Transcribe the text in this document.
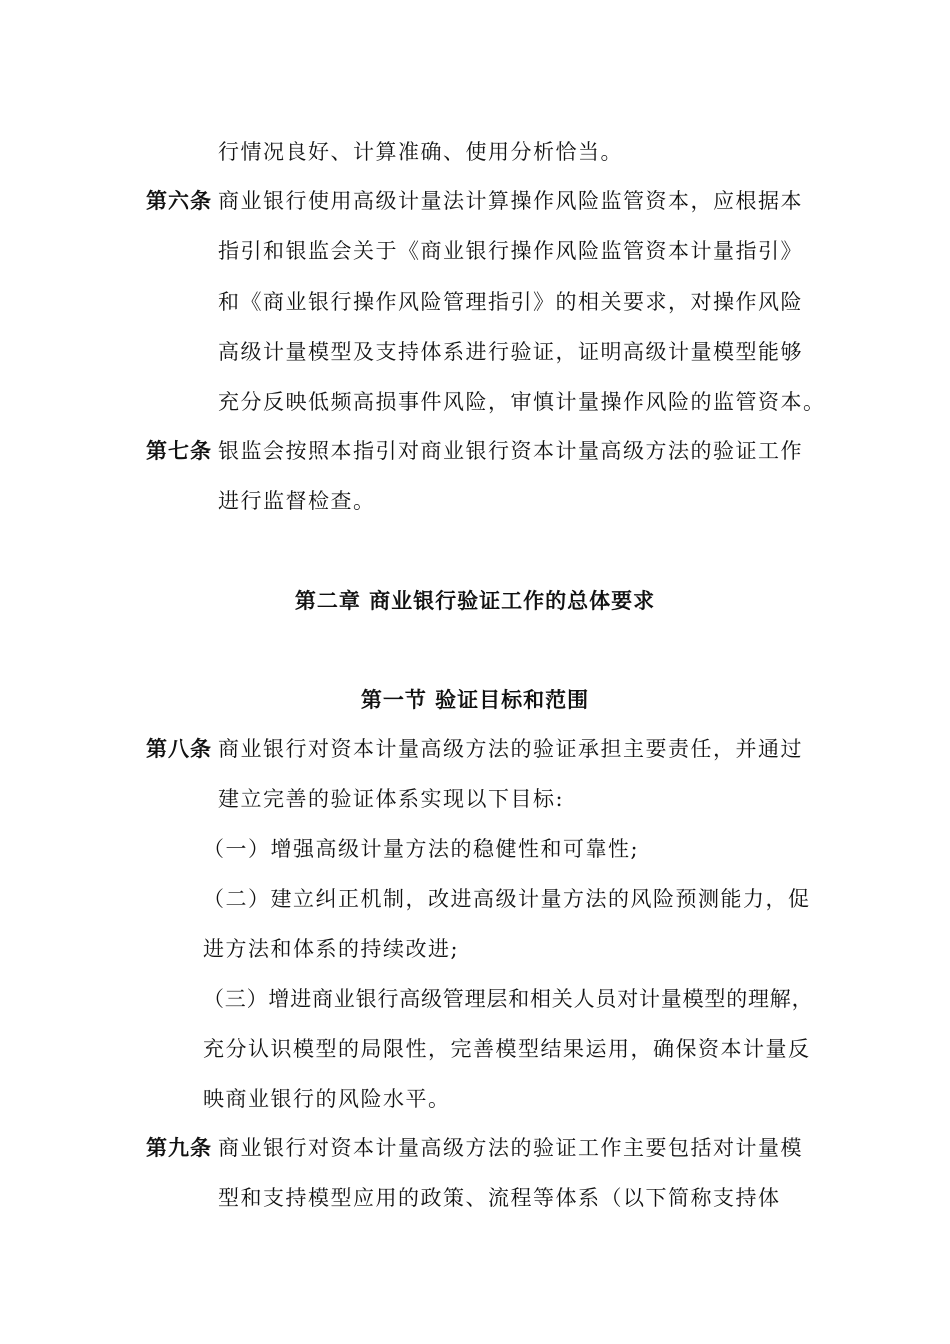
行情况良好、计算准确、使用分析恰当。
第六条 商业银行使用高级计量法计算操作风险监管资本，应根据本
指引和银监会关于《商业银行操作风险监管资本计量指引》
和《商业银行操作风险管理指引》的相关要求，对操作风险
高级计量模型及支持体系进行验证，证明高级计量模型能够
充分反映低频高损事件风险，审慎计量操作风险的监管资本。
第七条 银监会按照本指引对商业银行资本计量高级方法的验证工作
进行监督检查。
第二章 商业银行验证工作的总体要求
第一节 验证目标和范围
第八条 商业银行对资本计量高级方法的验证承担主要责任，并通过
建立完善的验证体系实现以下目标:
（一）增强高级计量方法的稳健性和可靠性;
（二）建立纠正机制，改进高级计量方法的风险预测能力，促
进方法和体系的持续改进;
（三）增进商业银行高级管理层和相关人员对计量模型的理解，
充分认识模型的局限性，完善模型结果运用，确保资本计量反
映商业银行的风险水平。
第九条 商业银行对资本计量高级方法的验证工作主要包括对计量模
型和支持模型应用的政策、流程等体系（以下简称支持体
